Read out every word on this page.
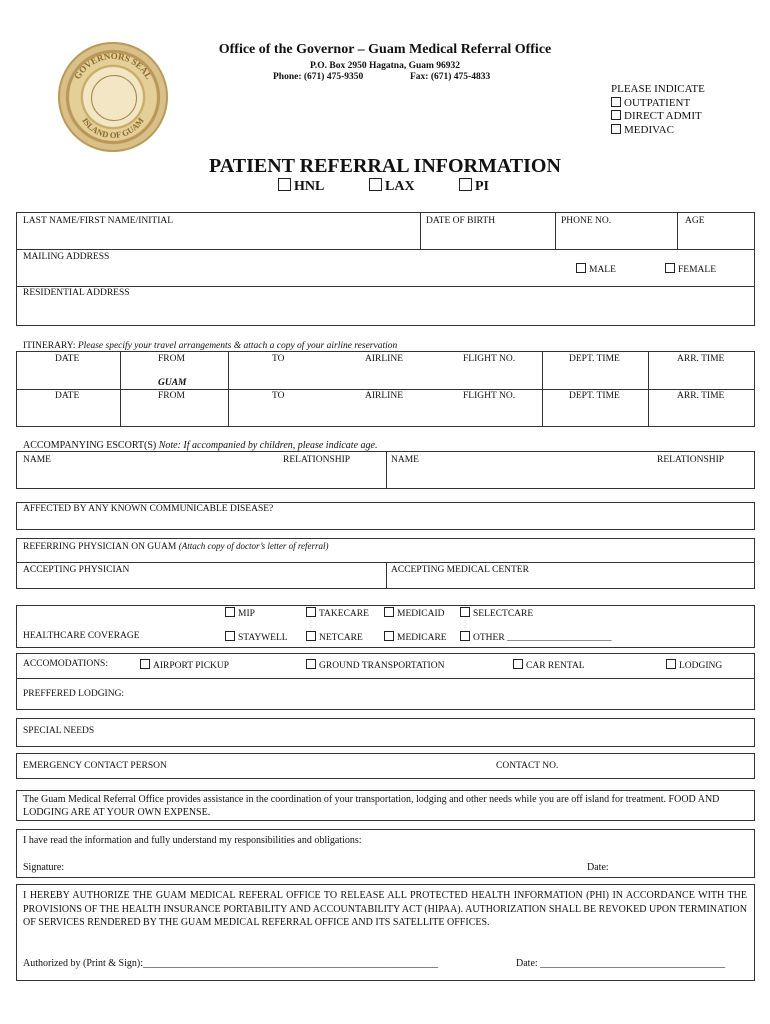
GOVERNORS SEAL
ISLAND OF GUAM
Office of the Governor – Guam Medical Referral Office
P.O. Box 2950 Hagatna, Guam 96932
Phone: (671) 475-9350	Fax: (671) 475-4833
PLEASE INDICATE
OUTPATIENT
DIRECT ADMIT
MEDIVAC
PATIENT REFERRAL INFORMATION
HNL	LAX	PI
LAST NAME/FIRST NAME/INITIAL	DATE OF BIRTH	PHONE NO.	AGE
MAILING ADDRESS
MALE	FEMALE
RESIDENTIAL ADDRESS
ITINERARY: Please specify your travel arrangements & attach a copy of your airline reservation
DATE	FROM	TO	AIRLINE	FLIGHT NO.	DEPT. TIME	ARR. TIME
GUAM
DATE	FROM	TO	AIRLINE	FLIGHT NO.	DEPT. TIME	ARR. TIME
ACCOMPANYING ESCORT(S) Note: If accompanied by children, please indicate age.
NAME	RELATIONSHIP	NAME	RELATIONSHIP
AFFECTED BY ANY KNOWN COMMUNICABLE DISEASE?
REFERRING PHYSICIAN ON GUAM (Attach copy of doctor’s letter of referral)
ACCEPTING PHYSICIAN	ACCEPTING MEDICAL CENTER
HEALTHCARE COVERAGE
MIP	TAKECARE	MEDICAID	SELECTCARE
STAYWELL	NETCARE	MEDICARE	OTHER ______________________
ACCOMODATIONS:	AIRPORT PICKUP	GROUND TRANSPORTATION	CAR RENTAL	LODGING
PREFFERED LODGING:
SPECIAL NEEDS
EMERGENCY CONTACT PERSON	CONTACT NO.
The Guam Medical Referral Office provides assistance in the coordination of your transportation, lodging and other needs while you are off island for treatment. FOOD AND LODGING ARE AT YOUR OWN EXPENSE.
I have read the information and fully understand my responsibilities and obligations:
Signature:	Date:
I HEREBY AUTHORIZE THE GUAM MEDICAL REFERAL OFFICE TO RELEASE ALL PROTECTED HEALTH INFORMATION (PHI) IN ACCORDANCE WITH THE PROVISIONS OF THE HEALTH INSURANCE PORTABILITY AND ACCOUNTABILITY ACT (HIPAA). AUTHORIZATION SHALL BE REVOKED UPON TERMINATION OF SERVICES RENDERED BY THE GUAM MEDICAL REFERRAL OFFICE AND ITS SATELLITE OFFICES.
Authorized by (Print & Sign):___________________________________________________________	Date: _____________________________________
